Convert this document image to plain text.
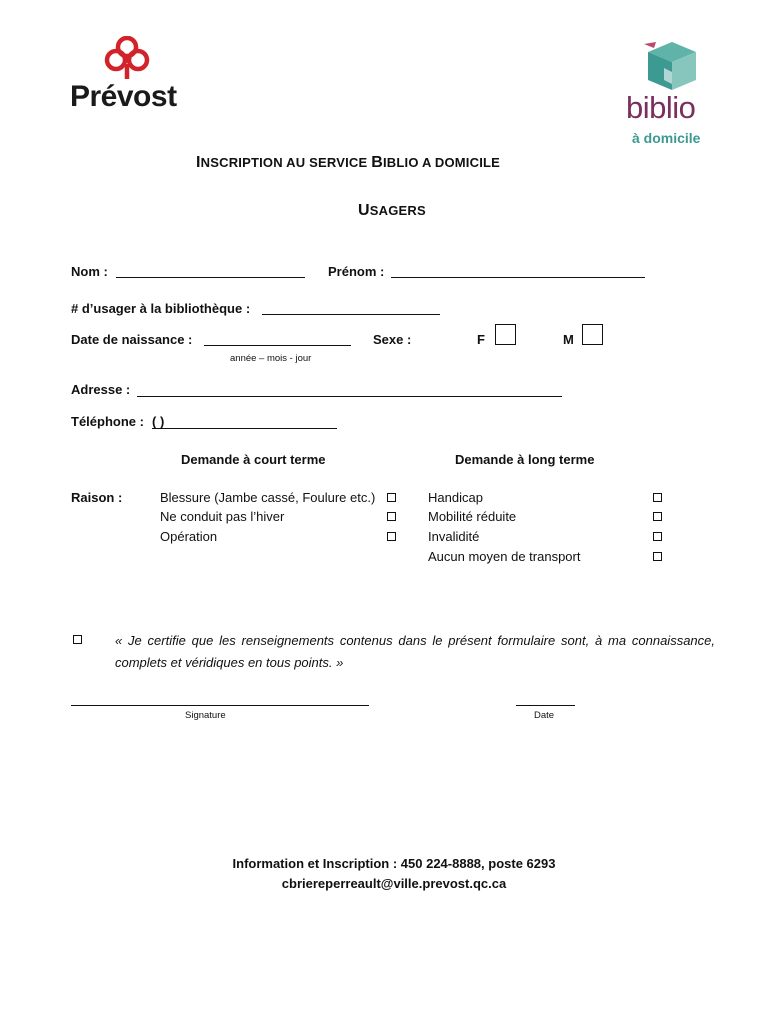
Prévost	biblio
à domicile
INSCRIPTION AU SERVICE BIBLIO A DOMICILE
USAGERS
Nom :	Prénom :
# d’usager à la bibliothèque :
Date de naissance :
année – mois - jour
Sexe :	F	M
Adresse :
Téléphone : ( )
Demande à court terme	Demande à long terme
Raison :	Blessure (Jambe cassé, Foulure etc.)
Ne conduit pas l’hiver
Opération
Handicap
Mobilité réduite
Invalidité
Aucun moyen de transport
« Je certifie que les renseignements contenus dans le présent formulaire sont, à ma connaissance, complets et véridiques en tous points. »
Signature	Date
Information et Inscription : 450 224-8888, poste 6293
cbriereperreault@ville.prevost.qc.ca
